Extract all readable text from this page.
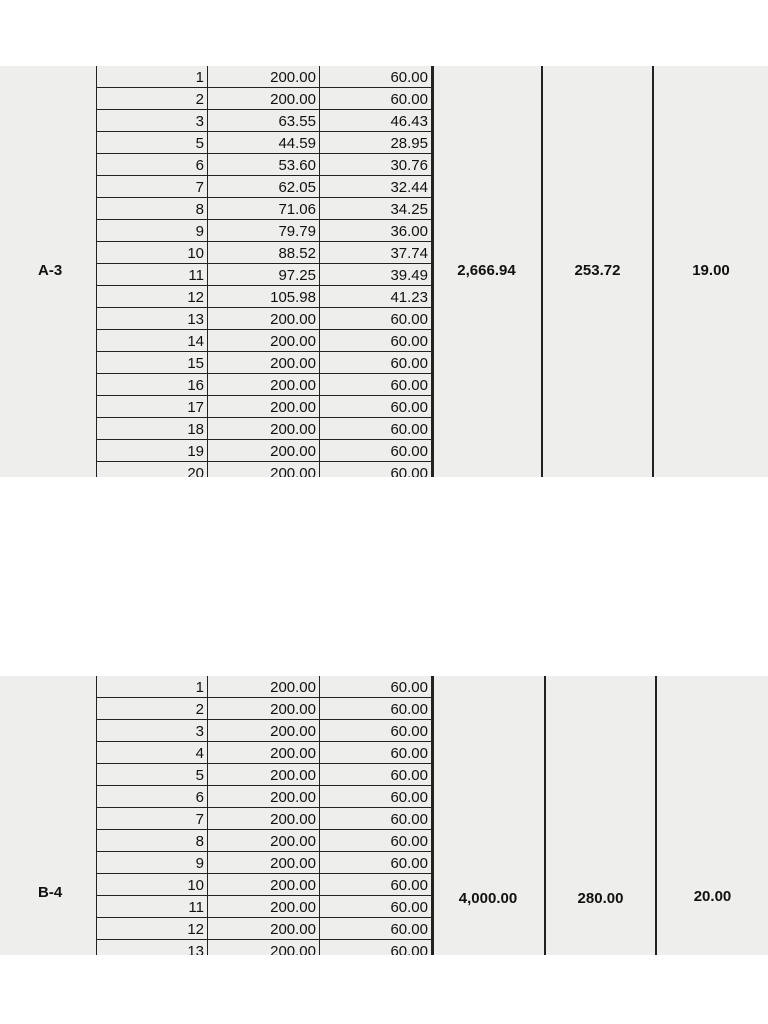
1	200.00	60.00
2	200.00	60.00
3	63.55	46.43
5	44.59	28.95
6	53.60	30.76
7	62.05	32.44
8	71.06	34.25
9	79.79	36.00
10	88.52	37.74
11	97.25	39.49
12	105.98	41.23
13	200.00	60.00
14	200.00	60.00
15	200.00	60.00
16	200.00	60.00
17	200.00	60.00
18	200.00	60.00
19	200.00	60.00
20	200.00	60.00
A-3	2,666.94	253.72	19.00
1	200.00	60.00
2	200.00	60.00
3	200.00	60.00
4	200.00	60.00
5	200.00	60.00
6	200.00	60.00
7	200.00	60.00
8	200.00	60.00
9	200.00	60.00
10	200.00	60.00
11	200.00	60.00
12	200.00	60.00
13	200.00	60.00
B-4	4,000.00	280.00	20.00
